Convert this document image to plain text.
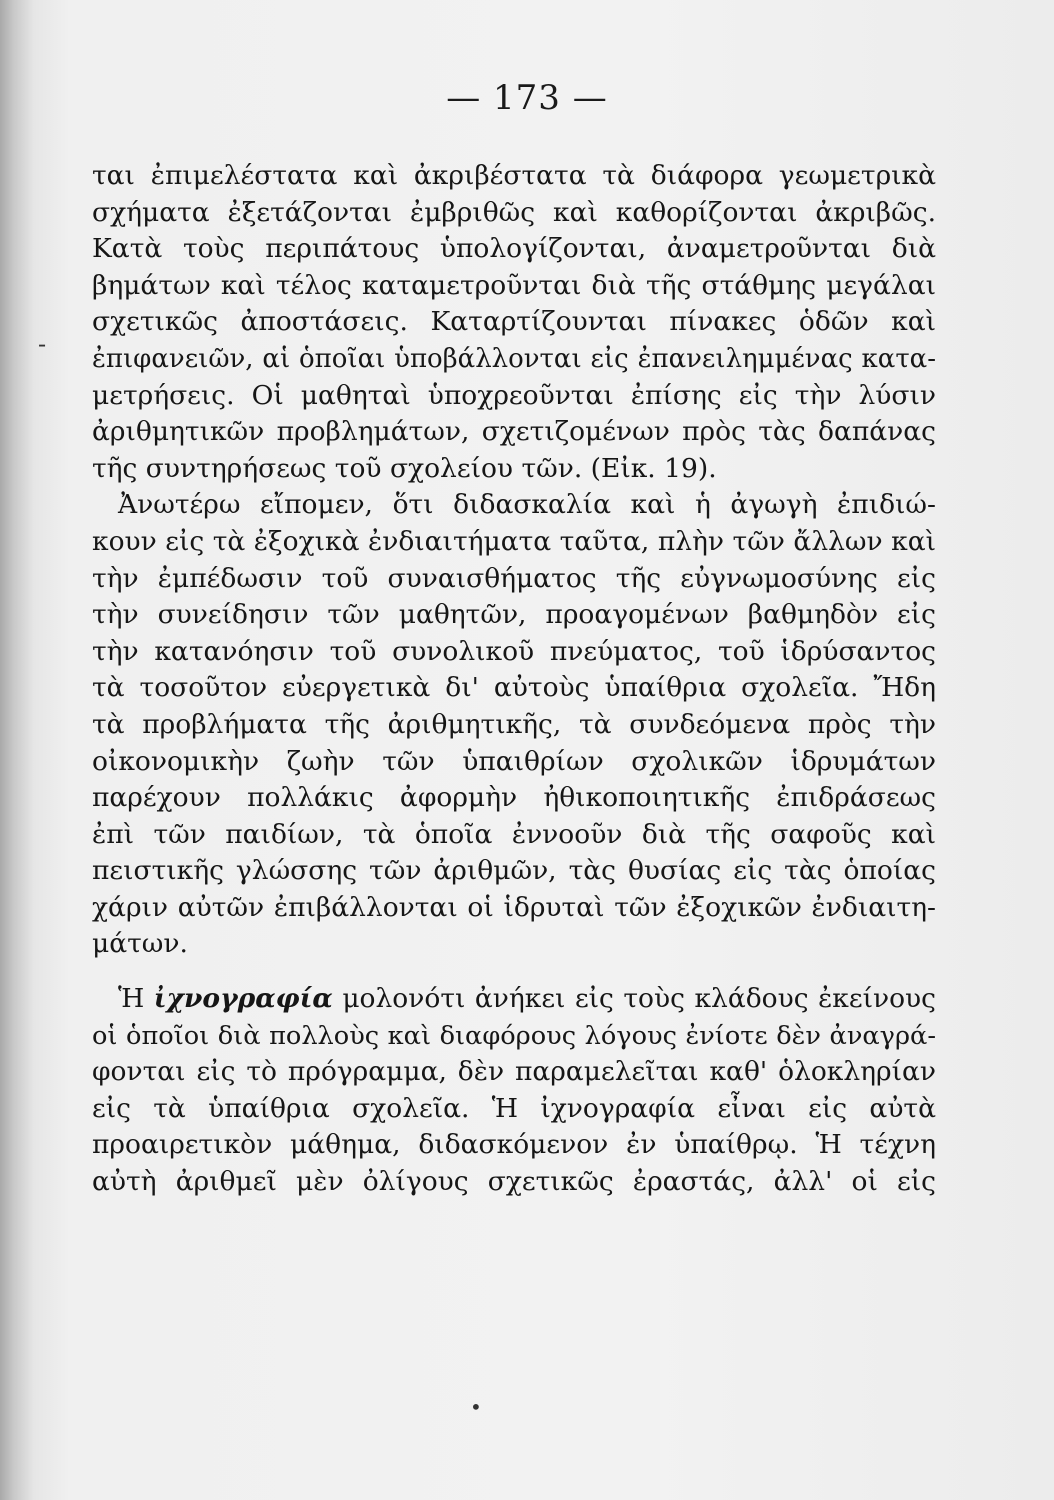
— 173 —
-
•
ται ἐπιμελέστατα καὶ ἀκριβέστατα τὰ διάφορα γεωμετρικὰ
σχήματα ἐξετάζονται ἐμβριθῶς καὶ καθορίζονται ἀκριβῶς.
Κατὰ τοὺς περιπάτους ὑπολογίζονται, ἀναμετροῦνται διὰ
βημάτων καὶ τέλος καταμετροῦνται διὰ τῆς στάθμης μεγάλαι
σχετικῶς ἀποστάσεις. Καταρτίζουνται πίνακες ὁδῶν καὶ
ἐπιφανειῶν, αἱ ὁποῖαι ὑποβάλλονται εἰς ἐπανειλημμένας κατα-
μετρήσεις. Οἱ μαθηταὶ ὑποχρεοῦνται ἐπίσης εἰς τὴν λύσιν
ἀριθμητικῶν προβλημάτων, σχετιζομένων πρὸς τὰς δαπάνας
τῆς συντηρήσεως τοῦ σχολείου τῶν. (Εἰκ. 19).
Ἀνωτέρω εἴπομεν, ὅτι διδασκαλία καὶ ἡ ἀγωγὴ ἐπιδιώ-
κουν εἰς τὰ ἐξοχικὰ ἐνδιαιτήματα ταῦτα, πλὴν τῶν ἄλλων καὶ
τὴν ἐμπέδωσιν τοῦ συναισθήματος τῆς εὐγνωμοσύνης εἰς
τὴν συνείδησιν τῶν μαθητῶν, προαγομένων βαθμηδὸν εἰς
τὴν κατανόησιν τοῦ συνολικοῦ πνεύματος, τοῦ ἱδρύσαντος
τὰ τοσοῦτον εὐεργετικὰ δι' αὐτοὺς ὑπαίθρια σχολεῖα. Ἤδη
τὰ προβλήματα τῆς ἀριθμητικῆς, τὰ συνδεόμενα πρὸς τὴν
οἰκονομικὴν ζωὴν τῶν ὑπαιθρίων σχολικῶν ἱδρυμάτων
παρέχουν πολλάκις ἀφορμὴν ἠθικοποιητικῆς ἐπιδράσεως
ἐπὶ τῶν παιδίων, τὰ ὁποῖα ἐννοοῦν διὰ τῆς σαφοῦς καὶ
πειστικῆς γλώσσης τῶν ἀριθμῶν, τὰς θυσίας εἰς τὰς ὁποίας
χάριν αὐτῶν ἐπιβάλλονται οἱ ἱδρυταὶ τῶν ἐξοχικῶν ἐνδιαιτη-
μάτων.
Ἡ ἰχνογραφία μολονότι ἀνήκει εἰς τοὺς κλάδους ἐκείνους
οἱ ὁποῖοι διὰ πολλοὺς καὶ διαφόρους λόγους ἐνίοτε δὲν ἀναγρά-
φονται εἰς τὸ πρόγραμμα, δὲν παραμελεῖται καθ' ὁλοκληρίαν
εἰς τὰ ὑπαίθρια σχολεῖα. Ἡ ἰχνογραφία εἶναι εἰς αὐτὰ
προαιρετικὸν μάθημα, διδασκόμενον ἐν ὑπαίθρῳ. Ἡ τέχνη
αὐτὴ ἀριθμεῖ μὲν ὀλίγους σχετικῶς ἐραστάς, ἀλλ' οἱ εἰς
